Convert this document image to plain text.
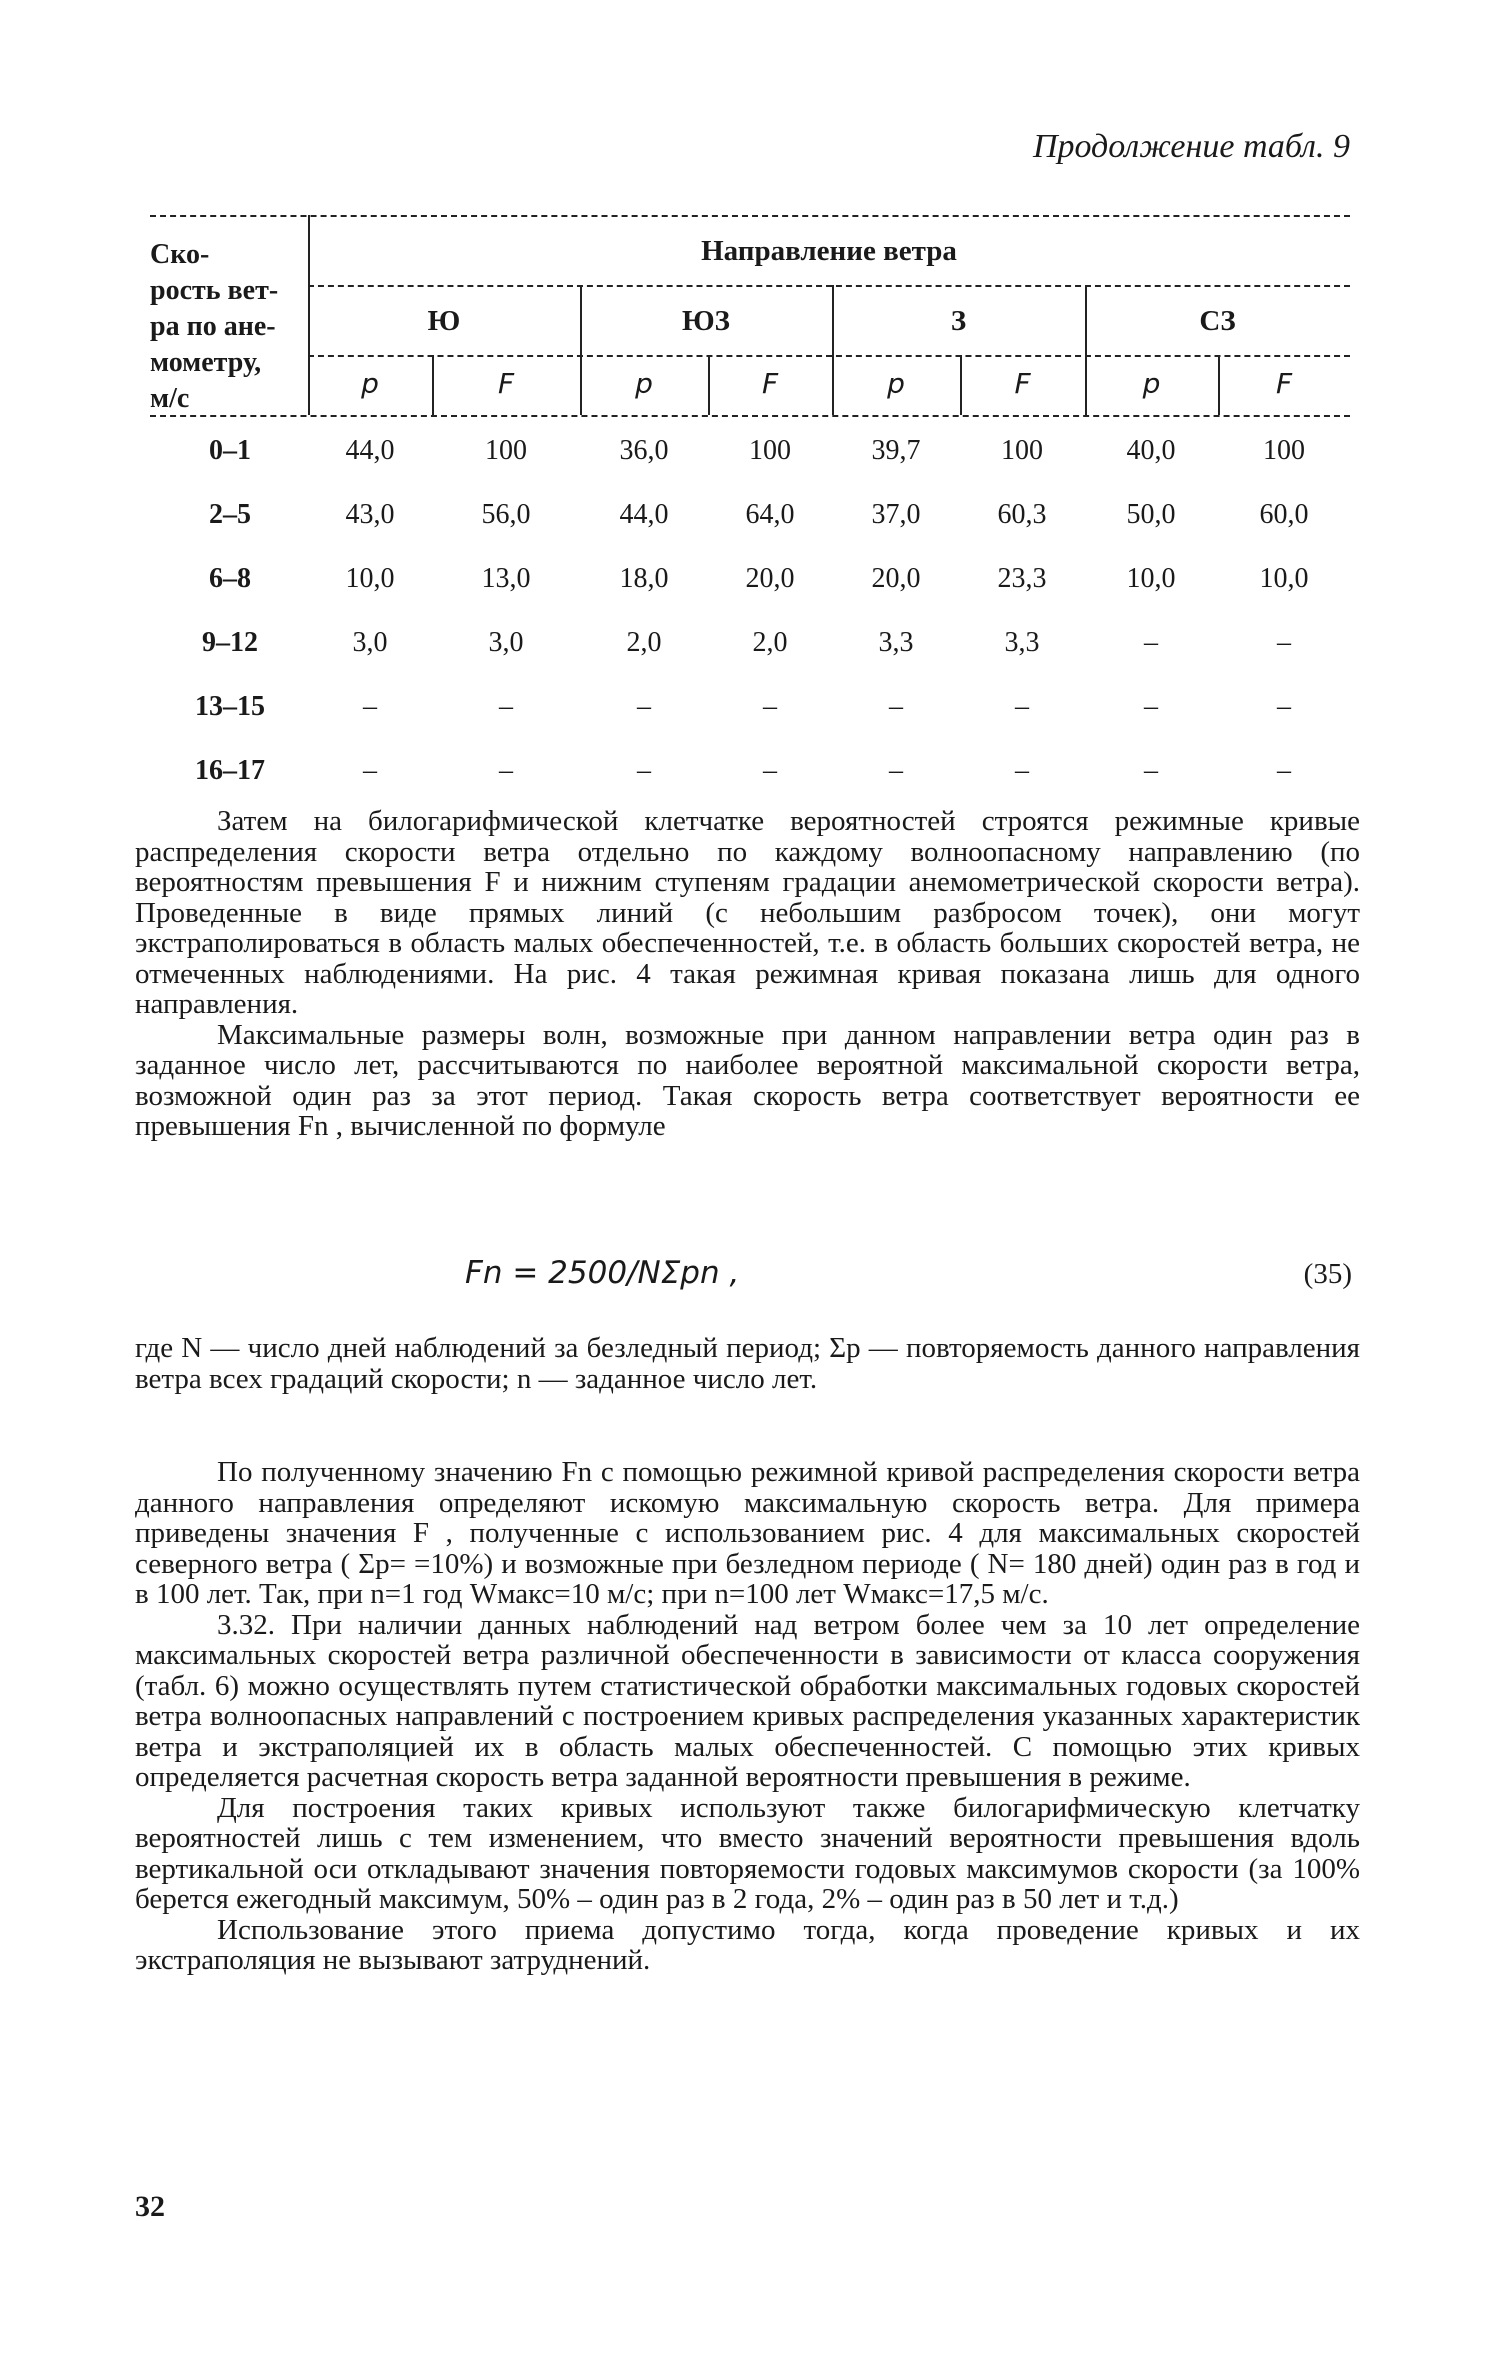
Продолжение табл. 9
Ско-
рость вет-
ра по ане-
мометру,
м/с
Направление ветра
Ю	ЮЗ	З	СЗ
p	F	p	F	p	F	p	F
0–1	44,0	100	36,0	100	39,7	100	40,0	100
2–5	43,0	56,0	44,0	64,0	37,0	60,3	50,0	60,0
6–8	10,0	13,0	18,0	20,0	20,0	23,3	10,0	10,0
9–12	3,0	3,0	2,0	2,0	3,3	3,3	–	–
13–15	–	–	–	–	–	–	–	–
16–17	–	–	–	–	–	–	–	–

Затем на билогарифмической клетчатке вероятностей строятся режимные кривые распределения скорости ветра отдельно по каждому волноопасному направлению (по вероятностям превышения F и нижним ступеням градации анемометрической скорости ветра). Проведенные в виде прямых линий (с небольшим разбросом точек), они могут экстраполироваться в область малых обеспеченностей, т.е. в область больших скоростей ветра, не отмеченных наблюдениями. На рис. 4 такая режимная кривая показана лишь для одного направления.

Максимальные размеры волн, возможные при данном направлении ветра один раз в заданное число лет, рассчитываются по наиболее вероятной максимальной скорости ветра, возможной один раз за этот период. Такая скорость ветра соответствует вероятности ее превышения Fn , вычисленной по формуле

Fn = 2500/NΣpn ,	(35)

где N — число дней наблюдений за безледный период; Σp — повторяемость данного направления ветра всех градаций скорости; n — заданное число лет.

По полученному значению Fn с помощью режимной кривой распределения скорости ветра данного направления определяют искомую максимальную скорость ветра. Для примера приведены значения F , полученные с использованием рис. 4 для максимальных скоростей северного ветра ( Σp= =10%) и возможные при безледном периоде ( N= 180 дней) один раз в год и в 100 лет. Так, при n=1 год Wмакс=10 м/с; при n=100 лет Wмакс=17,5 м/с.

3.32. При наличии данных наблюдений над ветром более чем за 10 лет определение максимальных скоростей ветра различной обеспеченности в зависимости от класса сооружения (табл. 6) можно осуществлять путем статистической обработки максимальных годовых скоростей ветра волноопасных направлений с построением кривых распределения указанных характеристик ветра и экстраполяцией их в область малых обеспеченностей. С помощью этих кривых определяется расчетная скорость ветра заданной вероятности превышения в режиме.

Для построения таких кривых используют также билогарифмическую клетчатку вероятностей лишь с тем изменением, что вместо значений вероятности превышения вдоль вертикальной оси откладывают значения повторяемости годовых максимумов скорости (за 100% берется ежегодный максимум, 50% – один раз в 2 года, 2% – один раз в 50 лет и т.д.)

Использование этого приема допустимо тогда, когда проведение кривых и их экстраполяция не вызывают затруднений.

32
